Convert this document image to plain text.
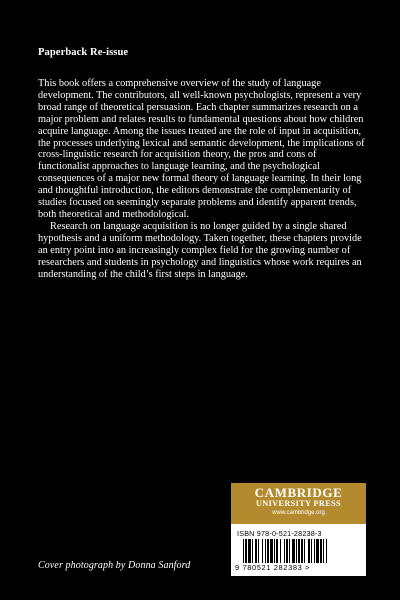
Paperback Re-issue

This book offers a comprehensive overview of the study of language development. The contributors, all well-known psychologists, represent a very broad range of theoretical persuasion. Each chapter summarizes research on a major problem and relates results to fundamental questions about how children acquire language. Among the issues treated are the role of input in acquisition, the processes underlying lexical and semantic development, the implications of cross-linguistic research for acquisition theory, the pros and cons of functionalist approaches to language learning, and the psychological consequences of a major new formal theory of language learning. In their long and thoughtful introduction, the editors demonstrate the complementarity of studies focused on seemingly separate problems and identify apparent trends, both theoretical and methodological.

Research on language acquisition is no longer guided by a single shared hypothesis and a uniform methodology. Taken together, these chapters provide an entry point into an increasingly complex field for the growing number of researchers and students in psychology and linguistics whose work requires an understanding of the child’s first steps in language.

Cover photograph by Donna Sanford
CAMBRIDGE
UNIVERSITY PRESS
www.cambridge.org
ISBN 978-0-521-28238-3
9 780521 282383 >
